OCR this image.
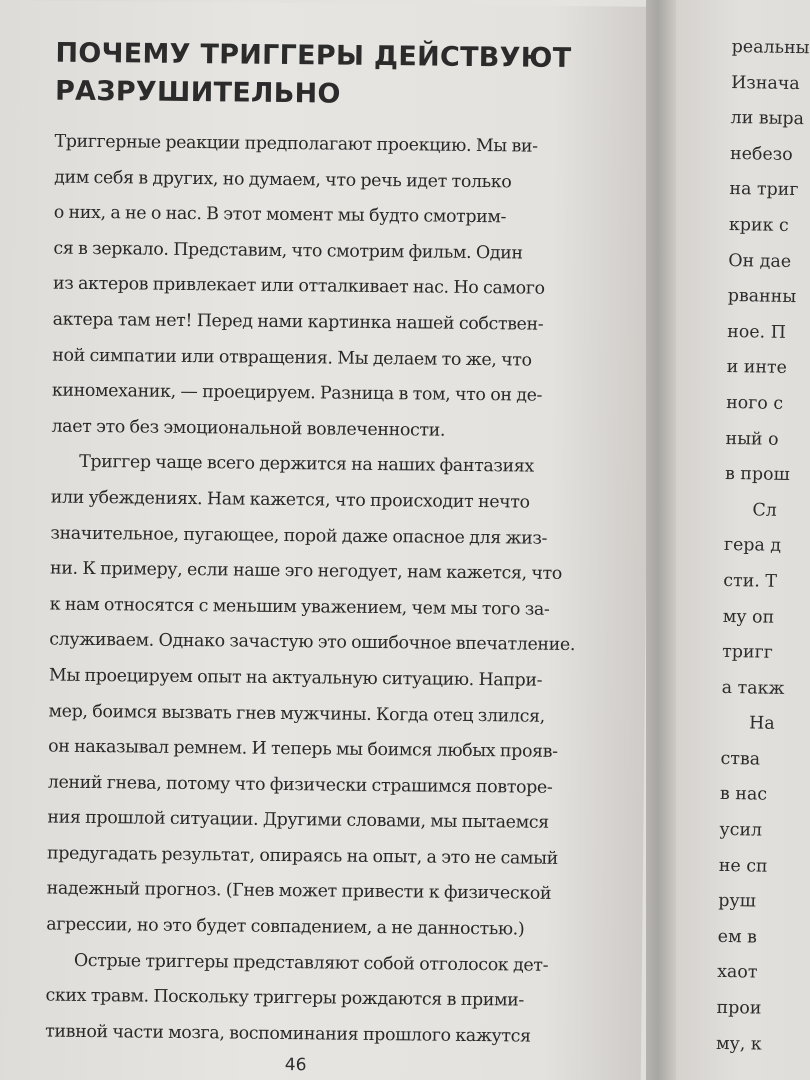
ПОЧЕМУ ТРИГГЕРЫ ДЕЙСТВУЮТ
РАЗРУШИТЕЛЬНО
Триггерные реакции предполагают проекцию. Мы ви-
дим себя в других, но думаем, что речь идет только
о них, а не о нас. В этот момент мы будто смотрим-
ся в зеркало. Представим, что смотрим фильм. Один
из актеров привлекает или отталкивает нас. Но самого
актера там нет! Перед нами картинка нашей собствен-
ной симпатии или отвращения. Мы делаем то же, что
киномеханик, — проецируем. Разница в том, что он де-
лает это без эмоциональной вовлеченности.
Триггер чаще всего держится на наших фантазиях
или убеждениях. Нам кажется, что происходит нечто
значительное, пугающее, порой даже опасное для жиз-
ни. К примеру, если наше эго негодует, нам кажется, что
к нам относятся с меньшим уважением, чем мы того за-
служиваем. Однако зачастую это ошибочное впечатление.
Мы проецируем опыт на актуальную ситуацию. Напри-
мер, боимся вызвать гнев мужчины. Когда отец злился,
он наказывал ремнем. И теперь мы боимся любых прояв-
лений гнева, потому что физически страшимся повторе-
ния прошлой ситуации. Другими словами, мы пытаемся
предугадать результат, опираясь на опыт, а это не самый
надежный прогноз. (Гнев может привести к физической
агрессии, но это будет совпадением, а не данностью.)
Острые триггеры представляют собой отголосок дет-
ских травм. Поскольку триггеры рождаются в прими-
тивной части мозга, воспоминания прошлого кажутся
46
реальны
Изнача
ли выра
небезо
на триг
крик с
Он дае
рванны
ное. П
и инте
ного с
ный о
в прош
Сл
гера д
сти. Т
му оп
тригг
а такж
На
ства
в нас
усил
не сп
руш
ем в
хаот
прои
му, к
